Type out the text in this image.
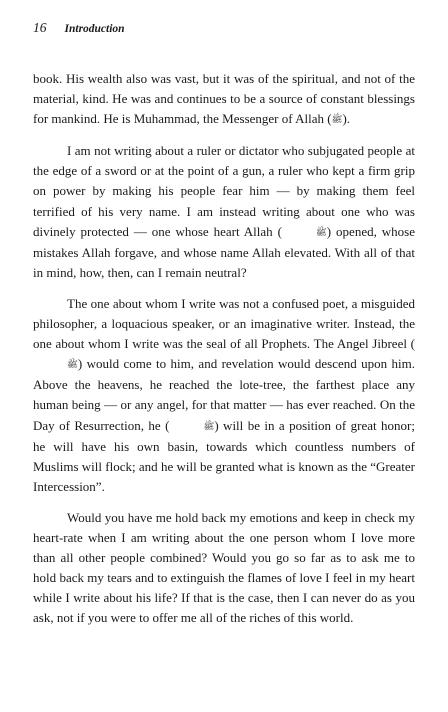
16 Introduction

book. His wealth also was vast, but it was of the spiritual, and not of the material, kind. He was and continues to be a source of constant blessings for mankind. He is Muhammad, the Messenger of Allah (ﷺ).

I am not writing about a ruler or dictator who subjugated people at the edge of a sword or at the point of a gun, a ruler who kept a firm grip on power by making his people fear him — by making them feel terrified of his very name. I am instead writing about one who was divinely protected — one whose heart Allah (	ﷺ) opened, whose mistakes Allah forgave, and whose name Allah elevated. With all of that in mind, how, then, can I remain neutral?

The one about whom I write was not a confused poet, a misguided philosopher, a loquacious speaker, or an imaginative writer. Instead, the one about whom I write was the seal of all Prophets. The Angel Jibreel (ﷺ) would come to him, and revelation would descend upon him. Above the heavens, he reached the lote-tree, the farthest place any human being — or any angel, for that matter — has ever reached. On the Day of Resurrection, he (	ﷺ) will be in a position of great honor; he will have his own basin, towards which countless numbers of Muslims will flock; and he will be granted what is known as the “Greater Intercession”.

Would you have me hold back my emotions and keep in check my heart-rate when I am writing about the one person whom I love more than all other people combined? Would you go so far as to ask me to hold back my tears and to extinguish the flames of love I feel in my heart while I write about his life? If that is the case, then I can never do as you ask, not if you were to offer me all of the riches of this world.
